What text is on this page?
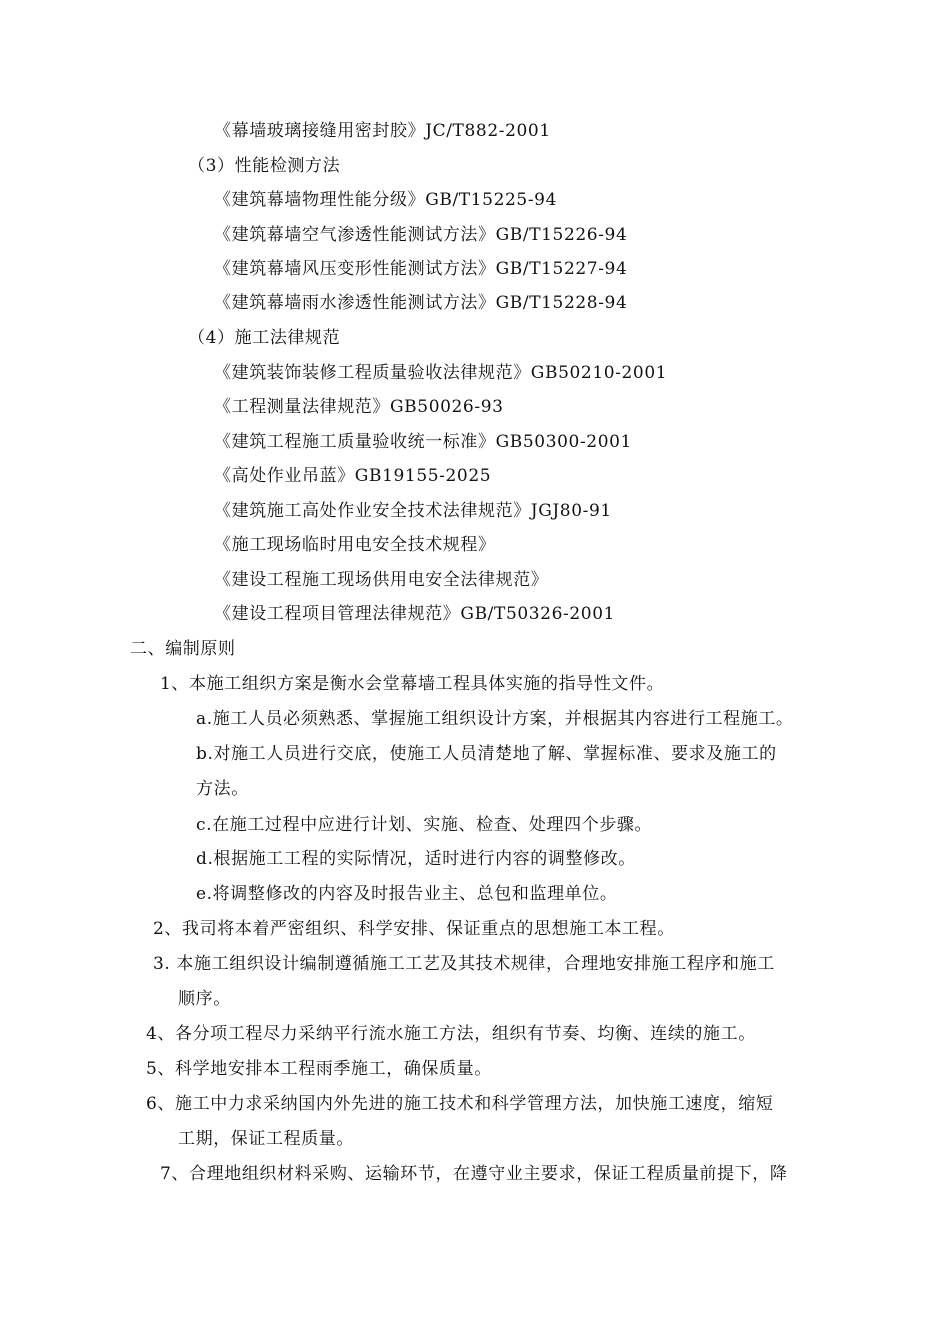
《幕墙玻璃接缝用密封胶》JC/T882-2001
（3）性能检测方法
《建筑幕墙物理性能分级》GB/T15225-94
《建筑幕墙空气渗透性能测试方法》GB/T15226-94
《建筑幕墙风压变形性能测试方法》GB/T15227-94
《建筑幕墙雨水渗透性能测试方法》GB/T15228-94
（4）施工法律规范
《建筑装饰装修工程质量验收法律规范》GB50210-2001
《工程测量法律规范》GB50026-93
《建筑工程施工质量验收统一标准》GB50300-2001
《高处作业吊蓝》GB19155-2025
《建筑施工高处作业安全技术法律规范》JGJ80-91
《施工现场临时用电安全技术规程》
《建设工程施工现场供用电安全法律规范》
《建设工程项目管理法律规范》GB/T50326-2001
二、编制原则
1、本施工组织方案是衡水会堂幕墙工程具体实施的指导性文件。
a.施工人员必须熟悉、掌握施工组织设计方案，并根据其内容进行工程施工。
b.对施工人员进行交底，使施工人员清楚地了解、掌握标准、要求及施工的
方法。
c.在施工过程中应进行计划、实施、检查、处理四个步骤。
d.根据施工工程的实际情况，适时进行内容的调整修改。
e.将调整修改的内容及时报告业主、总包和监理单位。
2、我司将本着严密组织、科学安排、保证重点的思想施工本工程。
3. 本施工组织设计编制遵循施工工艺及其技术规律，合理地安排施工程序和施工
顺序。
4、各分项工程尽力采纳平行流水施工方法，组织有节奏、均衡、连续的施工。
5、科学地安排本工程雨季施工，确保质量。
6、施工中力求采纳国内外先进的施工技术和科学管理方法，加快施工速度，缩短
工期，保证工程质量。
7、合理地组织材料采购、运输环节，在遵守业主要求，保证工程质量前提下，降
